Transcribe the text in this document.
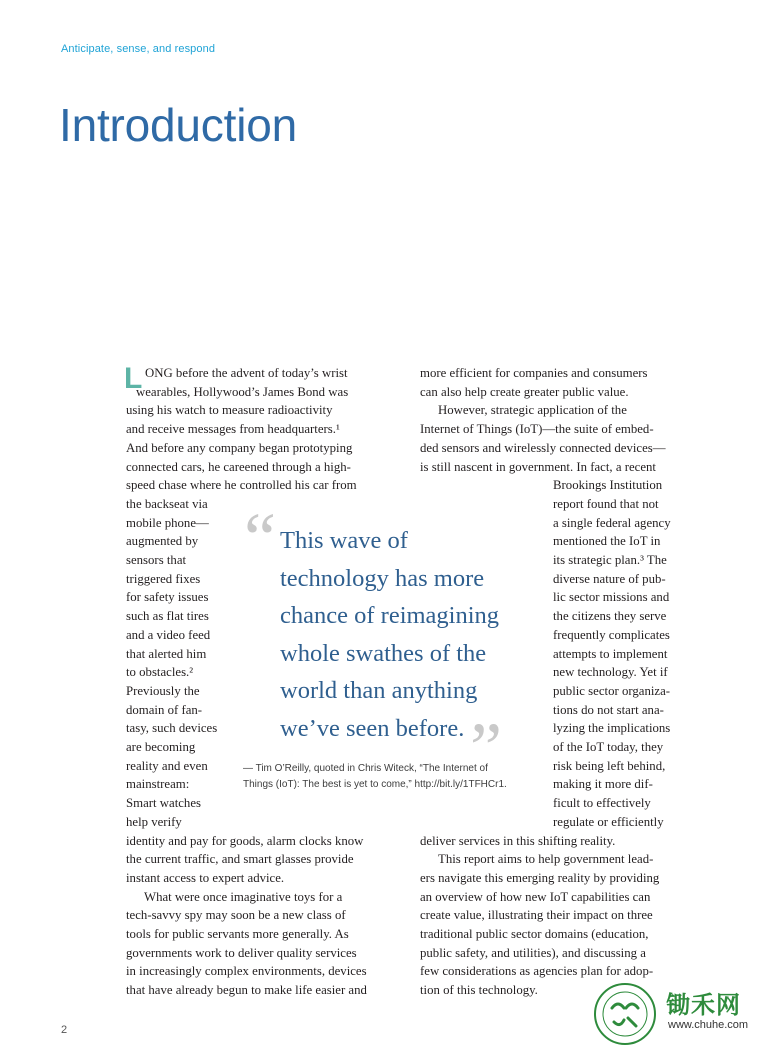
Anticipate, sense, and respond
Introduction
L ONG before the advent of today’s wrist
wearables, Hollywood’s James Bond was
using his watch to measure radioactivity
and receive messages from headquarters.¹
And before any company began prototyping
connected cars, he careened through a high-
speed chase where he controlled his car from
the backseat via
mobile phone—
augmented by
sensors that
triggered fixes
for safety issues
such as flat tires
and a video feed
that alerted him
to obstacles.²
Previously the
domain of fan-
tasy, such devices
are becoming
reality and even
mainstream:
Smart watches
help verify
identity and pay for goods, alarm clocks know
the current traffic, and smart glasses provide
instant access to expert advice.
What were once imaginative toys for a
tech-savvy spy may soon be a new class of
tools for public servants more generally. As
governments work to deliver quality services
in increasingly complex environments, devices
that have already begun to make life easier and
more efficient for companies and consumers
can also help create greater public value.
However, strategic application of the
Internet of Things (IoT)—the suite of embed-
ded sensors and wirelessly connected devices—
is still nascent in government. In fact, a recent
Brookings Institution
report found that not
a single federal agency
mentioned the IoT in
its strategic plan.³ The
diverse nature of pub-
lic sector missions and
the citizens they serve
frequently complicates
attempts to implement
new technology. Yet if
public sector organiza-
tions do not start ana-
lyzing the implications
of the IoT today, they
risk being left behind,
making it more dif-
ficult to effectively
regulate or efficiently
deliver services in this shifting reality.
This report aims to help government lead-
ers navigate this emerging reality by providing
an overview of how new IoT capabilities can
create value, illustrating their impact on three
traditional public sector domains (education,
public safety, and utilities), and discussing a
few considerations as agencies plan for adop-
tion of this technology.
“ This wave of
technology has more
chance of reimagining
whole swathes of the
world than anything
we’ve seen before. ”
— Tim O’Reilly, quoted in Chris Witeck, “The Internet of
Things (IoT): The best is yet to come,” http://bit.ly/1TFHCr1.
2
锄禾网
www.chuhe.com
